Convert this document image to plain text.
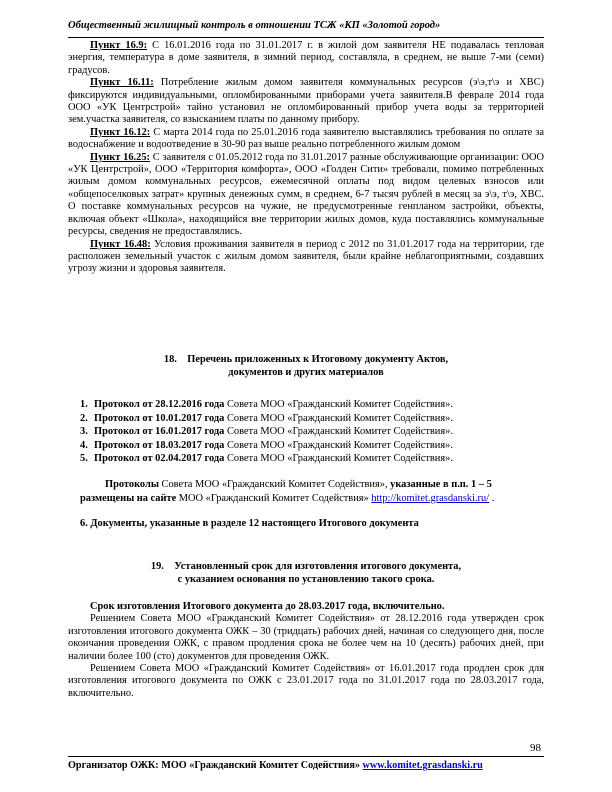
Общественный жилищный контроль в отношении ТСЖ «КП «Золотой город»

Пункт 16.9: С 16.01.2016 года по 31.01.2017 г. в жилой дом заявителя НЕ подавалась тепловая энергия, температура в доме заявителя, в зимний период, составляла, в среднем, не выше 7-ми (семи) градусов.

Пункт 16.11: Потребление жилым домом заявителя коммунальных ресурсов (э\э,т\э и ХВС) фиксируются индивидуальными, опломбированными приборами учета заявителя.В феврале 2014 года ООО «УК Центрстрой» тайно установил не опломбированный прибор учета воды за территорией зем.участка заявителя, со взысканием платы по данному прибору.

Пункт 16.12: С марта 2014 года по 25.01.2016 года заявителю выставлялись требования по оплате за водоснабжение и водоотведение в 30-90 раз выше реально потребленного жилым домом

Пункт 16.25: С заявителя с 01.05.2012 года по 31.01.2017 разные обслуживающие организации: ООО «УК Центрстрой», ООО «Территория комфорта», ООО «Голден Сити» требовали, помимо потребленных жилым домом коммунальных ресурсов, ежемесячной оплаты под видом целевых взносов или «общепоселковых затрат» крупных денежных сумм, в среднем, 6-7 тысяч рублей в месяц за э\э, т\э, ХВС. О поставке коммунальных ресурсов на чужие, не предусмотренные генпланом застройки, объекты, включая объект «Школа», находящийся вне территории жилых домов, куда поставлялись коммунальные ресурсы, сведения не предоставлялись.

Пункт 16.48: Условия проживания заявителя в период с 2012 по 31.01.2017 года на территории, где расположен земельный участок с жилым домом заявителя, были крайне неблагоприятными, создавших угрозу жизни и здоровья заявителя.

18. Перечень приложенных к Итоговому документу Актов,

документов и других материалов

1. Протокол от 28.12.2016 года Совета МОО «Гражданский Комитет Содействия».
2. Протокол от 10.01.2017 года Совета МОО «Гражданский Комитет Содействия».
3. Протокол от 16.01.2017 года Совета МОО «Гражданский Комитет Содействия».
4. Протокол от 18.03.2017 года Совета МОО «Гражданский Комитет Содействия».
5. Протокол от 02.04.2017 года Совета МОО «Гражданский Комитет Содействия».
Протоколы Совета МОО «Гражданский Комитет Содействия», указанные в п.п. 1 – 5 размещены на сайте МОО «Гражданский Комитет Содействия» http://komitet.grasdanski.ru/ .
6. Документы, указанные в разделе 12 настоящего Итогового документа

19. Установленный срок для изготовления итогового документа,

с указанием основания по установлению такого срока.

Срок изготовления Итогового документа до 28.03.2017 года, включительно.

Решением Совета МОО «Гражданский Комитет Содействия» от 28.12.2016 года утвержден срок изготовления итогового документа ОЖК – 30 (тридцать) рабочих дней, начиная со следующего дня, после окончания проведения ОЖК, с правом продления срока не более чем на 10 (десять) рабочих дней, при наличии более 100 (сто) документов для проведения ОЖК.

Решением Совета МОО «Гражданский Комитет Содействия» от 16.01.2017 года продлен срок для изготовления итогового документа по ОЖК с 23.01.2017 года по 31.01.2017 года по 28.03.2017 года, включительно.

98
Организатор ОЖК: МОО «Гражданский Комитет Содействия» www.komitet.grasdanski.ru
